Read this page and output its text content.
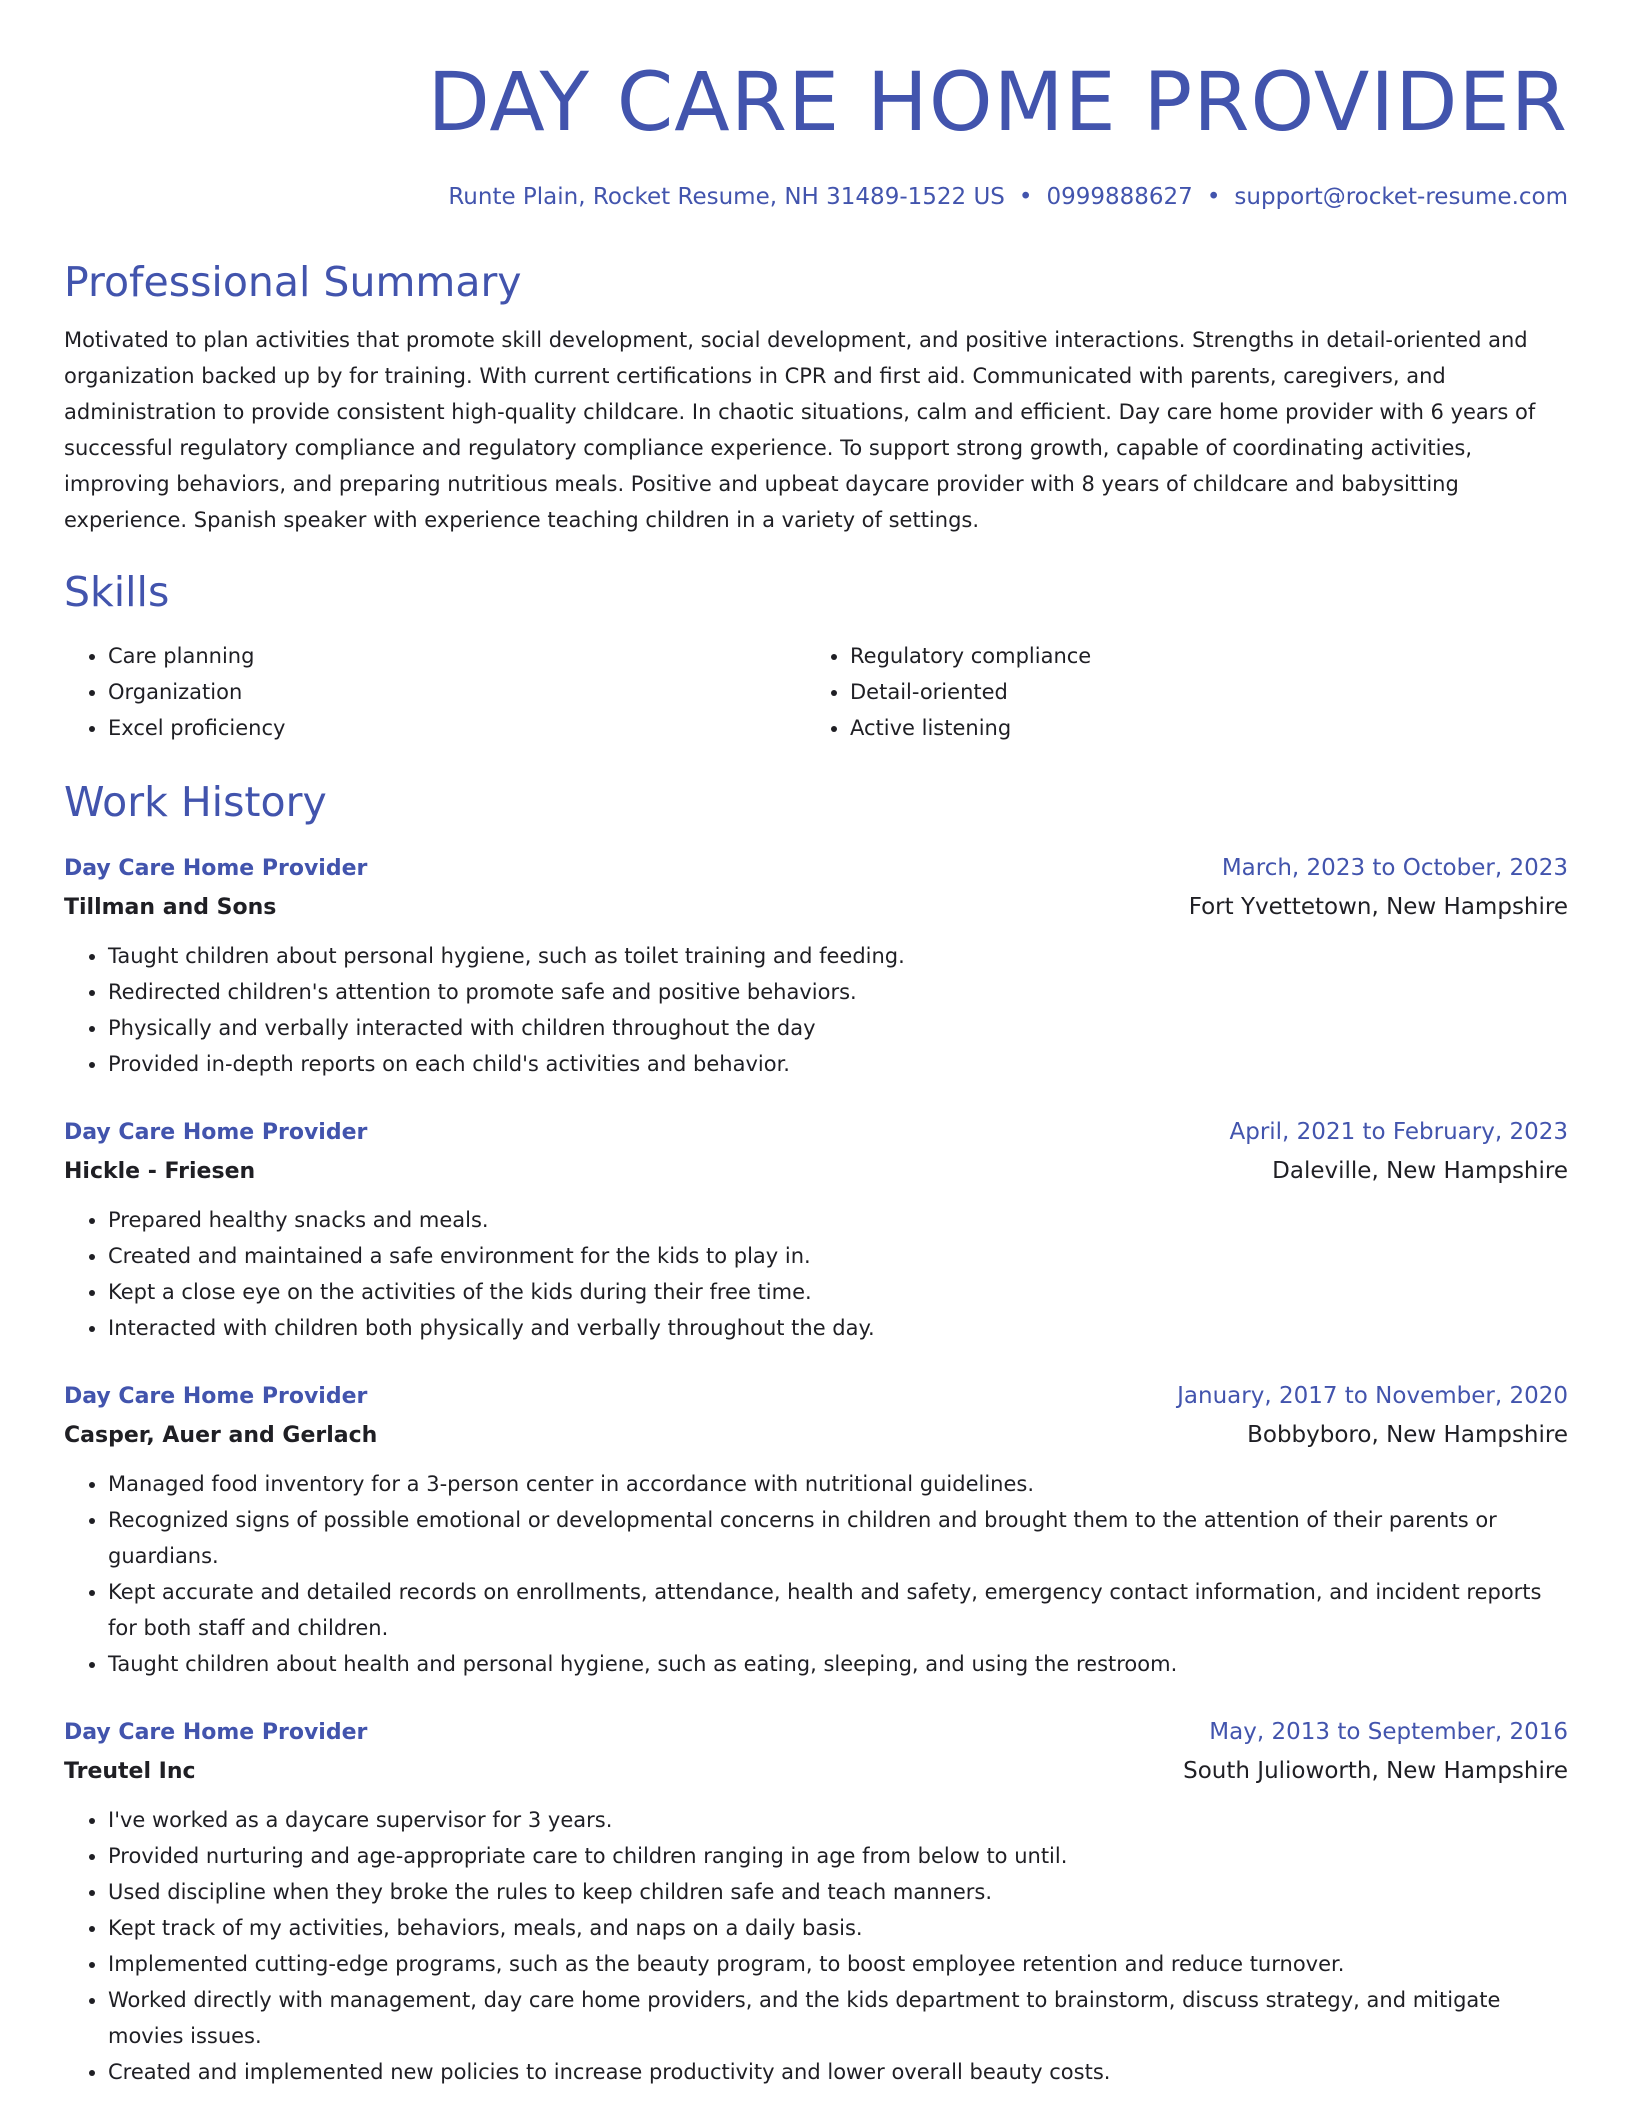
DAY CARE HOME PROVIDER
Runte Plain, Rocket Resume, NH 31489-1522 US • 0999888627 • support@rocket-resume.com
Professional Summary

Motivated to plan activities that promote skill development, social development, and positive interactions. Strengths in detail-oriented and organization backed up by for training. With current certifications in CPR and first aid. Communicated with parents, caregivers, and administration to provide consistent high-quality childcare. In chaotic situations, calm and efficient. Day care home provider with 6 years of successful regulatory compliance and regulatory compliance experience. To support strong growth, capable of coordinating activities, improving behaviors, and preparing nutritious meals. Positive and upbeat daycare provider with 8 years of childcare and babysitting experience. Spanish speaker with experience teaching children in a variety of settings.

Skills
• Care planning
• Organization
• Excel proficiency
• Regulatory compliance
• Detail-oriented
• Active listening
Work History
Day Care Home Provider	March, 2023 to October, 2023
Tillman and Sons	Fort Yvettetown, New Hampshire
• Taught children about personal hygiene, such as toilet training and feeding.
• Redirected children's attention to promote safe and positive behaviors.
• Physically and verbally interacted with children throughout the day
• Provided in-depth reports on each child's activities and behavior.
Day Care Home Provider	April, 2021 to February, 2023
Hickle - Friesen	Daleville, New Hampshire
• Prepared healthy snacks and meals.
• Created and maintained a safe environment for the kids to play in.
• Kept a close eye on the activities of the kids during their free time.
• Interacted with children both physically and verbally throughout the day.
Day Care Home Provider	January, 2017 to November, 2020
Casper, Auer and Gerlach	Bobbyboro, New Hampshire
• Managed food inventory for a 3-person center in accordance with nutritional guidelines.
• Recognized signs of possible emotional or developmental concerns in children and brought them to the attention of their parents or guardians.
• Kept accurate and detailed records on enrollments, attendance, health and safety, emergency contact information, and incident reports for both staff and children.
• Taught children about health and personal hygiene, such as eating, sleeping, and using the restroom.
Day Care Home Provider	May, 2013 to September, 2016
Treutel Inc	South Julioworth, New Hampshire
• I've worked as a daycare supervisor for 3 years.
• Provided nurturing and age-appropriate care to children ranging in age from below to until.
• Used discipline when they broke the rules to keep children safe and teach manners.
• Kept track of my activities, behaviors, meals, and naps on a daily basis.
• Implemented cutting-edge programs, such as the beauty program, to boost employee retention and reduce turnover.
• Worked directly with management, day care home providers, and the kids department to brainstorm, discuss strategy, and mitigate movies issues.
• Created and implemented new policies to increase productivity and lower overall beauty costs.
